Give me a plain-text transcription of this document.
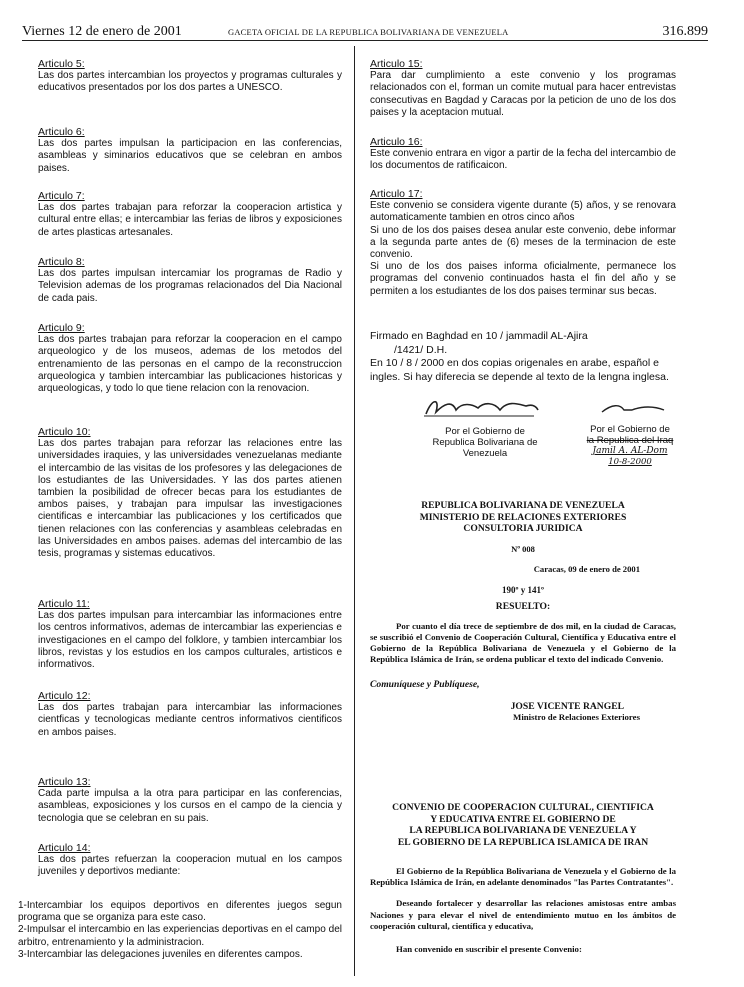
Viernes 12 de enero de 2001	GACETA OFICIAL DE LA REPUBLICA BOLIVARIANA DE VENEZUELA	316.899
Articulo 5:
Las dos partes intercambian los proyectos y programas culturales y educativos presentados por los dos partes a UNESCO.
Articulo 6:
Las dos partes impulsan la participacion en las conferencias, asambleas y siminarios educativos que se celebran en ambos paises.
Articulo 7:
Las dos partes trabajan para reforzar la cooperacion artistica y cultural entre ellas; e intercambiar las ferias de libros y exposiciones de artes plasticas artesanales.
Articulo 8:
Las dos partes impulsan intercamiar los programas de Radio y Television ademas de los programas relacionados del Dia Nacional de cada pais.
Articulo 9:
Las dos partes trabajan para reforzar la cooperacion en el campo arqueologico y de los museos, ademas de los metodos del entrenamiento de las personas en el campo de la reconstruccion arqueologica y tambien intercambiar las publicaciones historicas y arqueologicas, y todo lo que tiene relacion con la renovacion.
Articulo 10:
Las dos partes trabajan para reforzar las relaciones entre las universidades iraquies, y las universidades venezuelanas mediante el intercambio de las visitas de los profesores y las delegaciones de los estudiantes de las Universidades. Y las dos partes atienen tambien la posibilidad de ofrecer becas para los estudiantes de ambos paises, y trabajan para impulsar las investigaciones cientificas e intercambiar las publicaciones y los certificados que tienen relaciones con las conferencias y asambleas celebradas en las Universidades en ambos paises. ademas del intercambio de las tesis, programas y sistemas educativos.
Articulo 11:
Las dos partes impulsan para intercambiar las informaciones entre los centros informativos, ademas de intercambiar las experiencias e investigaciones en el campo del folklore, y tambien intercambiar los libros, revistas y los estudios en los campos culturales, artisticos e informativos.
Articulo 12:
Las dos partes trabajan para intercambiar las informaciones cientficas y tecnologicas mediante centros informativos cientificos en ambos paises.
Articulo 13:
Cada parte impulsa a la otra para participar en las conferencias, asambleas, exposiciones y los cursos en el campo de la ciencia y tecnologia que se celebran en su pais.
Articulo 14:
Las dos partes refuerzan la cooperacion mutual en los campos juveniles y deportivos mediante:
1-Intercambiar los equipos deportivos en diferentes juegos segun programa que se organiza para este caso.
2-Impulsar el intercambio en las experiencias deportivas en el campo del arbitro, entrenamiento y la administracion.
3-Intercambiar las delegaciones juveniles en diferentes campos.
Articulo 15:
Para dar cumplimiento a este convenio y los programas relacionados con el, forman un comite mutual para hacer entrevistas consecutivas en Bagdad y Caracas por la peticion de uno de los dos paises y la aceptacion mutual.
Articulo 16:
Este convenio entrara en vigor a partir de la fecha del intercambio de los documentos de ratificaicon.
Articulo 17:
Este convenio se considera vigente durante (5) años, y se renovara automaticamente tambien en otros cinco años
Si uno de los dos paises desea anular este convenio, debe informar a la segunda parte antes de (6) meses de la terminacion de este convenio.
Si uno de los dos paises informa oficialmente, permanece los programas del convenio continuados hasta el fin del año y se permiten a los estudiantes de los dos paises terminar sus becas.
Firmado en Baghdad en 10 / jammadil AL-Ajira
/1421/ D.H.
En 10 / 8 / 2000 en dos copias origenales en arabe, español e
ingles. Si hay diferecia se depende al texto de la lengna inglesa.
Por el Gobierno de
Republica Bolivariana de Venezuela
Por el Gobierno de
la Republica del Iraq
Jamil A. AL-Dom
10-8-2000
REPUBLICA BOLIVARIANA DE VENEZUELA
MINISTERIO DE RELACIONES EXTERIORES
CONSULTORIA JURIDICA
Nº 008
Caracas, 09 de enero de 2001
190º y 141º
RESUELTO:
Por cuanto el día trece de septiembre de dos mil, en la ciudad de Caracas, se suscribió el Convenio de Cooperación Cultural, Científica y Educativa entre el Gobierno de la República Bolivariana de Venezuela y el Gobierno de la República Islámica de Irán, se ordena publicar el texto del indicado Convenio.
Comuníquese y Publíquese,
JOSE VICENTE RANGEL
Ministro de Relaciones Exteriores
CONVENIO DE COOPERACION CULTURAL, CIENTIFICA
Y EDUCATIVA ENTRE EL GOBIERNO DE
LA REPUBLICA BOLIVARIANA DE VENEZUELA Y
EL GOBIERNO DE LA REPUBLICA ISLAMICA DE IRAN
El Gobierno de la República Bolivariana de Venezuela y el Gobierno de la República Islámica de Irán, en adelante denominados "las Partes Contratantes".
Deseando fortalecer y desarrollar las relaciones amistosas entre ambas Naciones y para elevar el nivel de entendimiento mutuo en los ámbitos de cooperación cultural, científica y educativa,
Han convenido en suscribir el presente Convenio:
